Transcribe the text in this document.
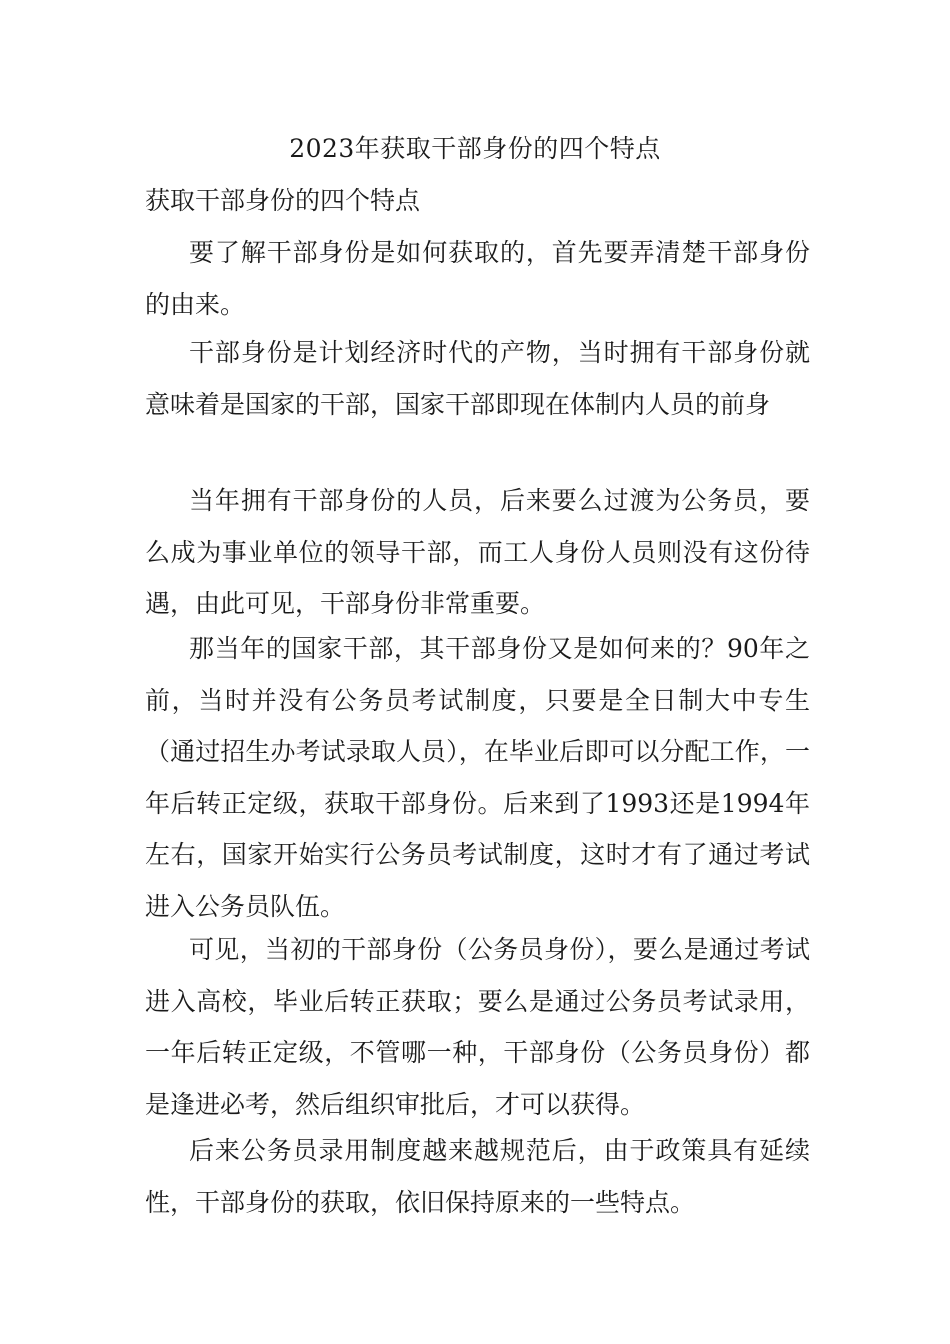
2023年获取干部身份的四个特点
获取干部身份的四个特点

要了解干部身份是如何获取的，首先要弄清楚干部身份的由来。

干部身份是计划经济时代的产物，当时拥有干部身份就意味着是国家的干部，国家干部即现在体制内人员的前身

当年拥有干部身份的人员，后来要么过渡为公务员，要么成为事业单位的领导干部，而工人身份人员则没有这份待遇，由此可见，干部身份非常重要。

那当年的国家干部，其干部身份又是如何来的？90年之前，当时并没有公务员考试制度，只要是全日制大中专生（通过招生办考试录取人员），在毕业后即可以分配工作，一年后转正定级，获取干部身份。后来到了1993还是1994年左右，国家开始实行公务员考试制度，这时才有了通过考试进入公务员队伍。

可见，当初的干部身份（公务员身份），要么是通过考试进入高校，毕业后转正获取；要么是通过公务员考试录用，一年后转正定级，不管哪一种，干部身份（公务员身份）都是逢进必考，然后组织审批后，才可以获得。

后来公务员录用制度越来越规范后，由于政策具有延续性，干部身份的获取，依旧保持原来的一些特点。
